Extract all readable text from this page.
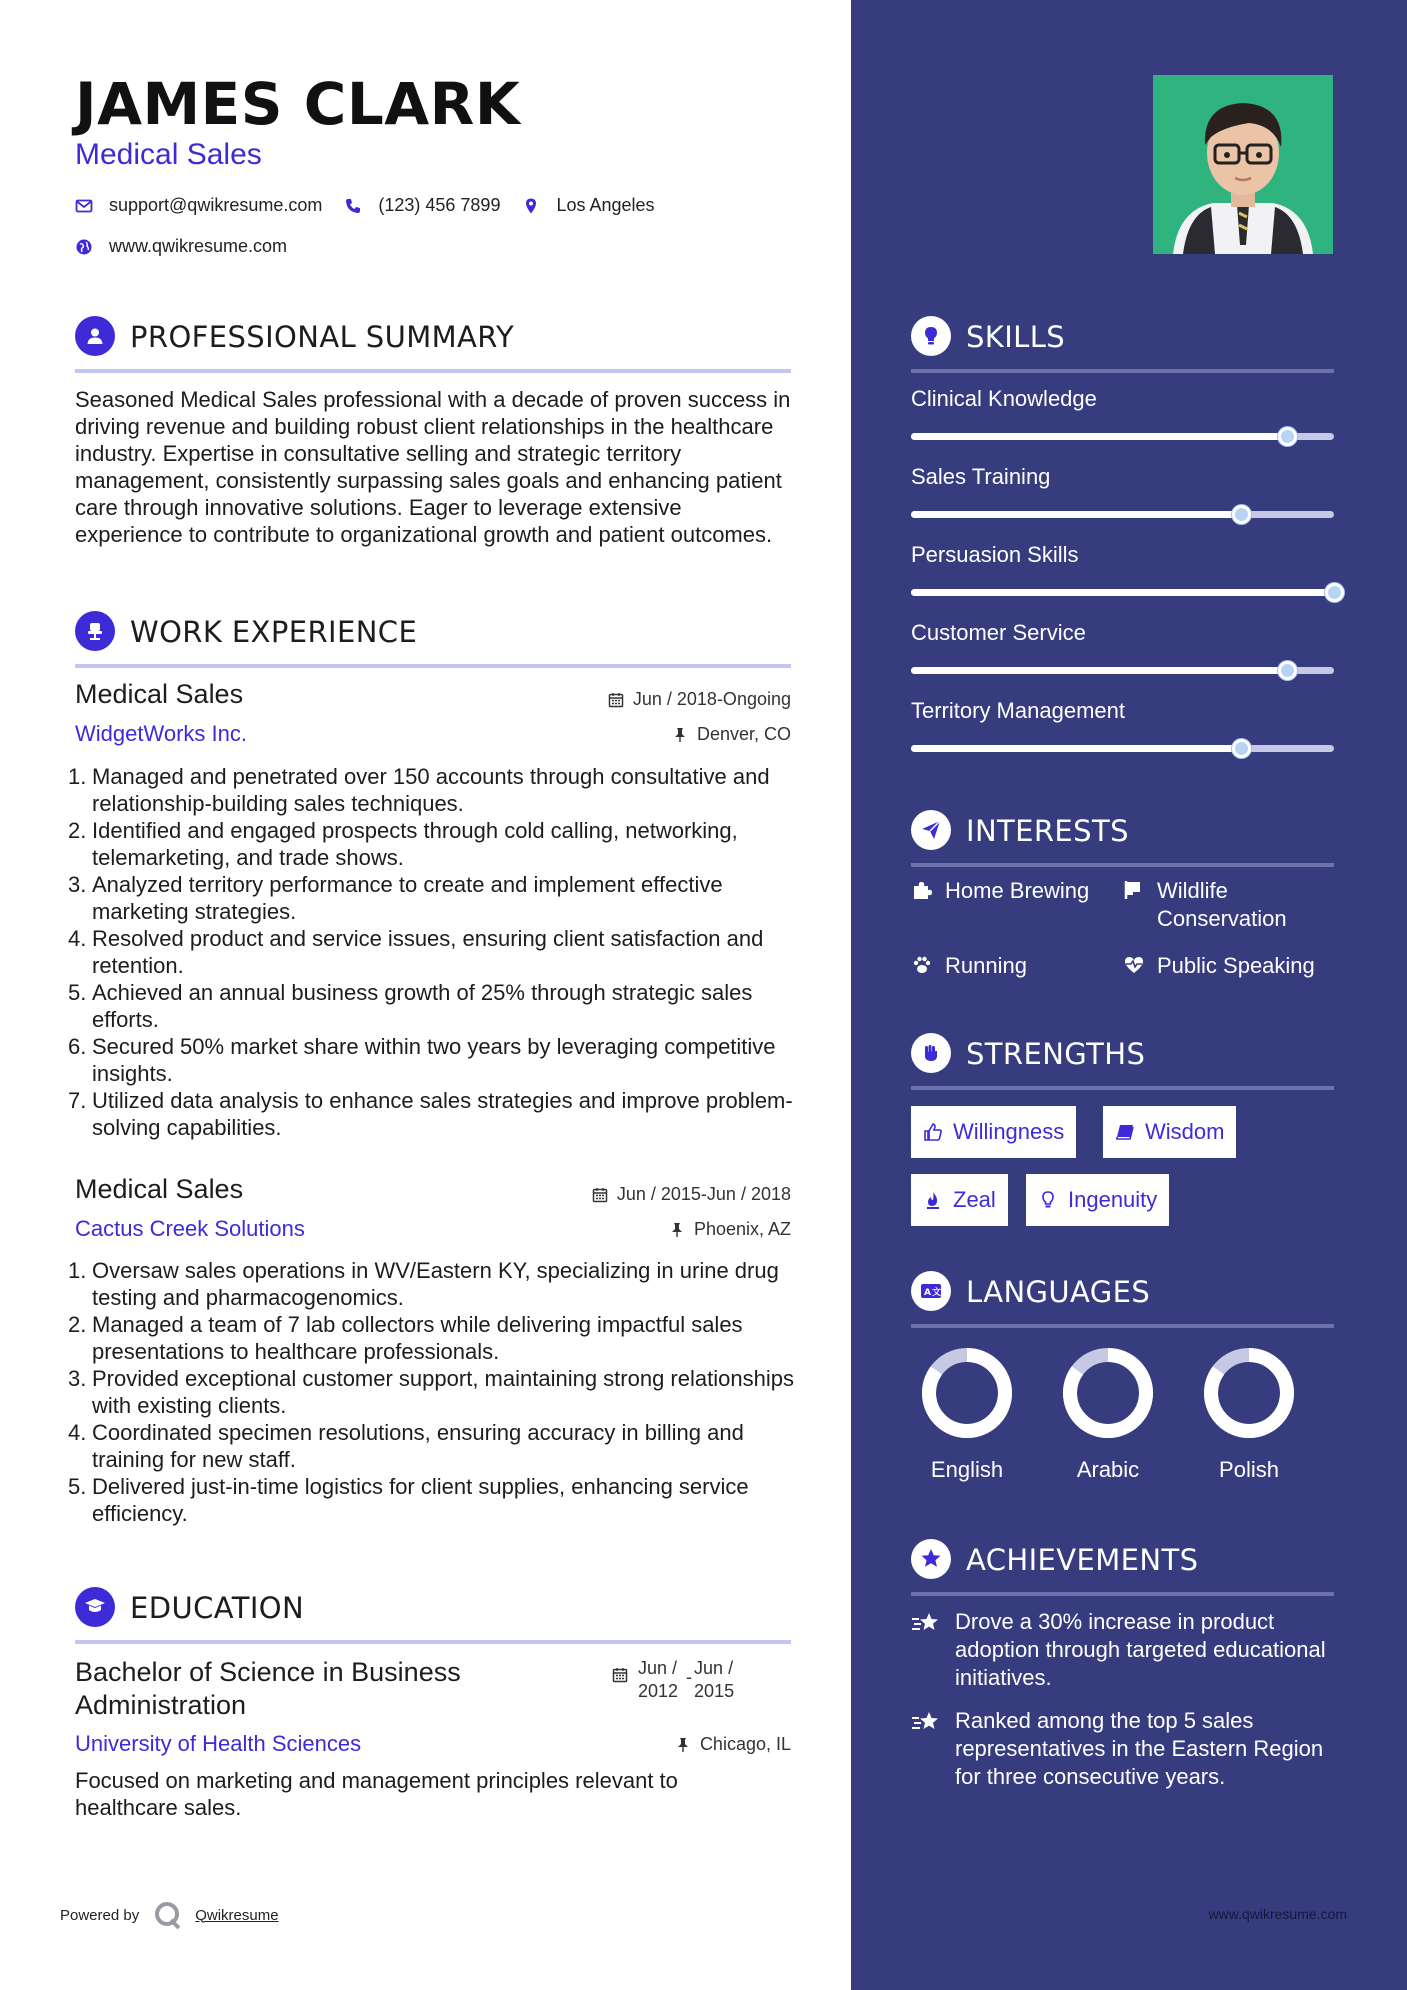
JAMES CLARK
Medical Sales
support@qwikresume.com	(123) 456 7899	Los Angeles
www.qwikresume.com
PROFESSIONAL SUMMARY
Seasoned Medical Sales professional with a decade of proven success in driving revenue and building robust client relationships in the healthcare industry. Expertise in consultative selling and strategic territory management, consistently surpassing sales goals and enhancing patient care through innovative solutions. Eager to leverage extensive experience to contribute to organizational growth and patient outcomes.
WORK EXPERIENCE
Medical Sales	Jun / 2018-Ongoing
WidgetWorks Inc.	Denver, CO
Managed and penetrated over 150 accounts through consultative and relationship-building sales techniques.
Identified and engaged prospects through cold calling, networking, telemarketing, and trade shows.
Analyzed territory performance to create and implement effective marketing strategies.
Resolved product and service issues, ensuring client satisfaction and retention.
Achieved an annual business growth of 25% through strategic sales efforts.
Secured 50% market share within two years by leveraging competitive insights.
Utilized data analysis to enhance sales strategies and improve problem-solving capabilities.
Medical Sales	Jun / 2015-Jun / 2018
Cactus Creek Solutions	Phoenix, AZ
Oversaw sales operations in WV/Eastern KY, specializing in urine drug testing and pharmacogenomics.
Managed a team of 7 lab collectors while delivering impactful sales presentations to healthcare professionals.
Provided exceptional customer support, maintaining strong relationships with existing clients.
Coordinated specimen resolutions, ensuring accuracy in billing and training for new staff.
Delivered just-in-time logistics for client supplies, enhancing service efficiency.
EDUCATION
Bachelor of Science in Business Administration
Jun /
2012
- Jun /
2015
University of Health Sciences	Chicago, IL
Focused on marketing and management principles relevant to healthcare sales.
Powered by	Qwikresume
SKILLS
Clinical Knowledge
Sales Training
Persuasion Skills
Customer Service
Territory Management
INTERESTS
Home Brewing	Wildlife Conservation
Running	Public Speaking
STRENGTHS
Willingness	Wisdom
Zeal	Ingenuity
A 文 LANGUAGES
English	Arabic	Polish
ACHIEVEMENTS
Drove a 30% increase in product adoption through targeted educational initiatives.
Ranked among the top 5 sales representatives in the Eastern Region for three consecutive years.
www.qwikresume.com
